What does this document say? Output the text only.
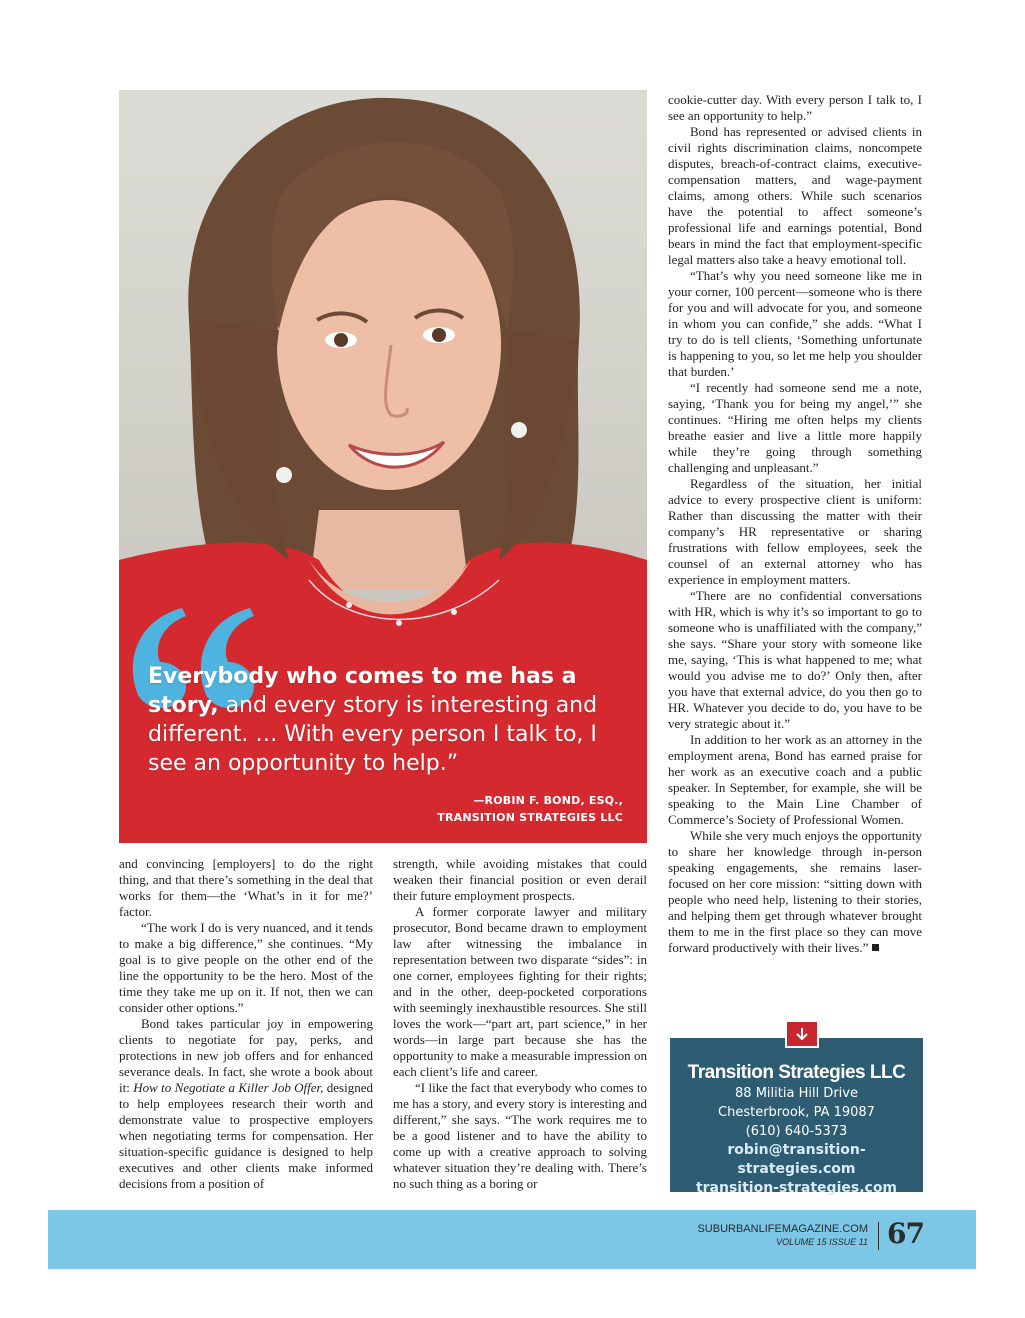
Everybody who comes to me has a story, and every story is interesting and different. … With every person I talk to, I see an opportunity to help.”
—ROBIN F. BOND, ESQ.,
TRANSITION STRATEGIES LLC

and convincing [employers] to do the right thing, and that there’s something in the deal that works for them—the ‘What’s in it for me?’ factor.

“The work I do is very nuanced, and it tends to make a big difference,” she continues. “My goal is to give people on the other end of the line the opportunity to be the hero. Most of the time they take me up on it. If not, then we can consider other options.”

Bond takes particular joy in empowering clients to negotiate for pay, perks, and protections in new job offers and for enhanced severance deals. In fact, she wrote a book about it: How to Negotiate a Killer Job Offer, designed to help employees research their worth and demonstrate value to prospective employers when negotiating terms for compensation. Her situation-specific guidance is designed to help executives and other clients make informed decisions from a position of

strength, while avoiding mistakes that could weaken their financial position or even derail their future employment prospects.

A former corporate lawyer and military prosecutor, Bond became drawn to employment law after witnessing the imbalance in representation between two disparate “sides”: in one corner, employees fighting for their rights; and in the other, deep-pocketed corporations with seemingly inexhaustible resources. She still loves the work—“part art, part science,” in her words—in large part because she has the opportunity to make a measurable impression on each client’s life and career.

“I like the fact that everybody who comes to me has a story, and every story is interesting and different,” she says. “The work requires me to be a good listener and to have the ability to come up with a creative approach to solving whatever situation they’re dealing with. There’s no such thing as a boring or

cookie-cutter day. With every person I talk to, I see an opportunity to help.”

Bond has represented or advised clients in civil rights discrimination claims, noncompete disputes, breach-of-contract claims, executive-compensation matters, and wage-payment claims, among others. While such scenarios have the potential to affect someone’s professional life and earnings potential, Bond bears in mind the fact that employment-specific legal matters also take a heavy emotional toll.

“That’s why you need someone like me in your corner, 100 percent—someone who is there for you and will advocate for you, and someone in whom you can confide,” she adds. “What I try to do is tell clients, ‘Something unfortunate is happening to you, so let me help you shoulder that burden.’

“I recently had someone send me a note, saying, ‘Thank you for being my angel,’” she continues. “Hiring me often helps my clients breathe easier and live a little more happily while they’re going through something challenging and unpleasant.”

Regardless of the situation, her initial advice to every prospective client is uniform: Rather than discussing the matter with their company’s HR representative or sharing frustrations with fellow employees, seek the counsel of an external attorney who has experience in employment matters.

“There are no confidential conversations with HR, which is why it’s so important to go to someone who is unaffiliated with the company,” she says. “Share your story with someone like me, saying, ‘This is what happened to me; what would you advise me to do?’ Only then, after you have that external advice, do you then go to HR. Whatever you decide to do, you have to be very strategic about it.”

In addition to her work as an attorney in the employment arena, Bond has earned praise for her work as an executive coach and a public speaker. In September, for example, she will be speaking to the Main Line Chamber of Commerce’s Society of Professional Women.

While she very much enjoys the opportunity to share her knowledge through in-person speaking engagements, she remains laser-focused on her core mission: “sitting down with people who need help, listening to their stories, and helping them get through whatever brought them to me in the first place so they can move forward productively with their lives.”

Transition Strategies LLC
88 Militia Hill Drive
Chesterbrook, PA 19087
(610) 640-5373
robin@transition-strategies.com
transition-strategies.com
SUBURBANLIFEMAGAZINE.COM
VOLUME 15 ISSUE 11 67
